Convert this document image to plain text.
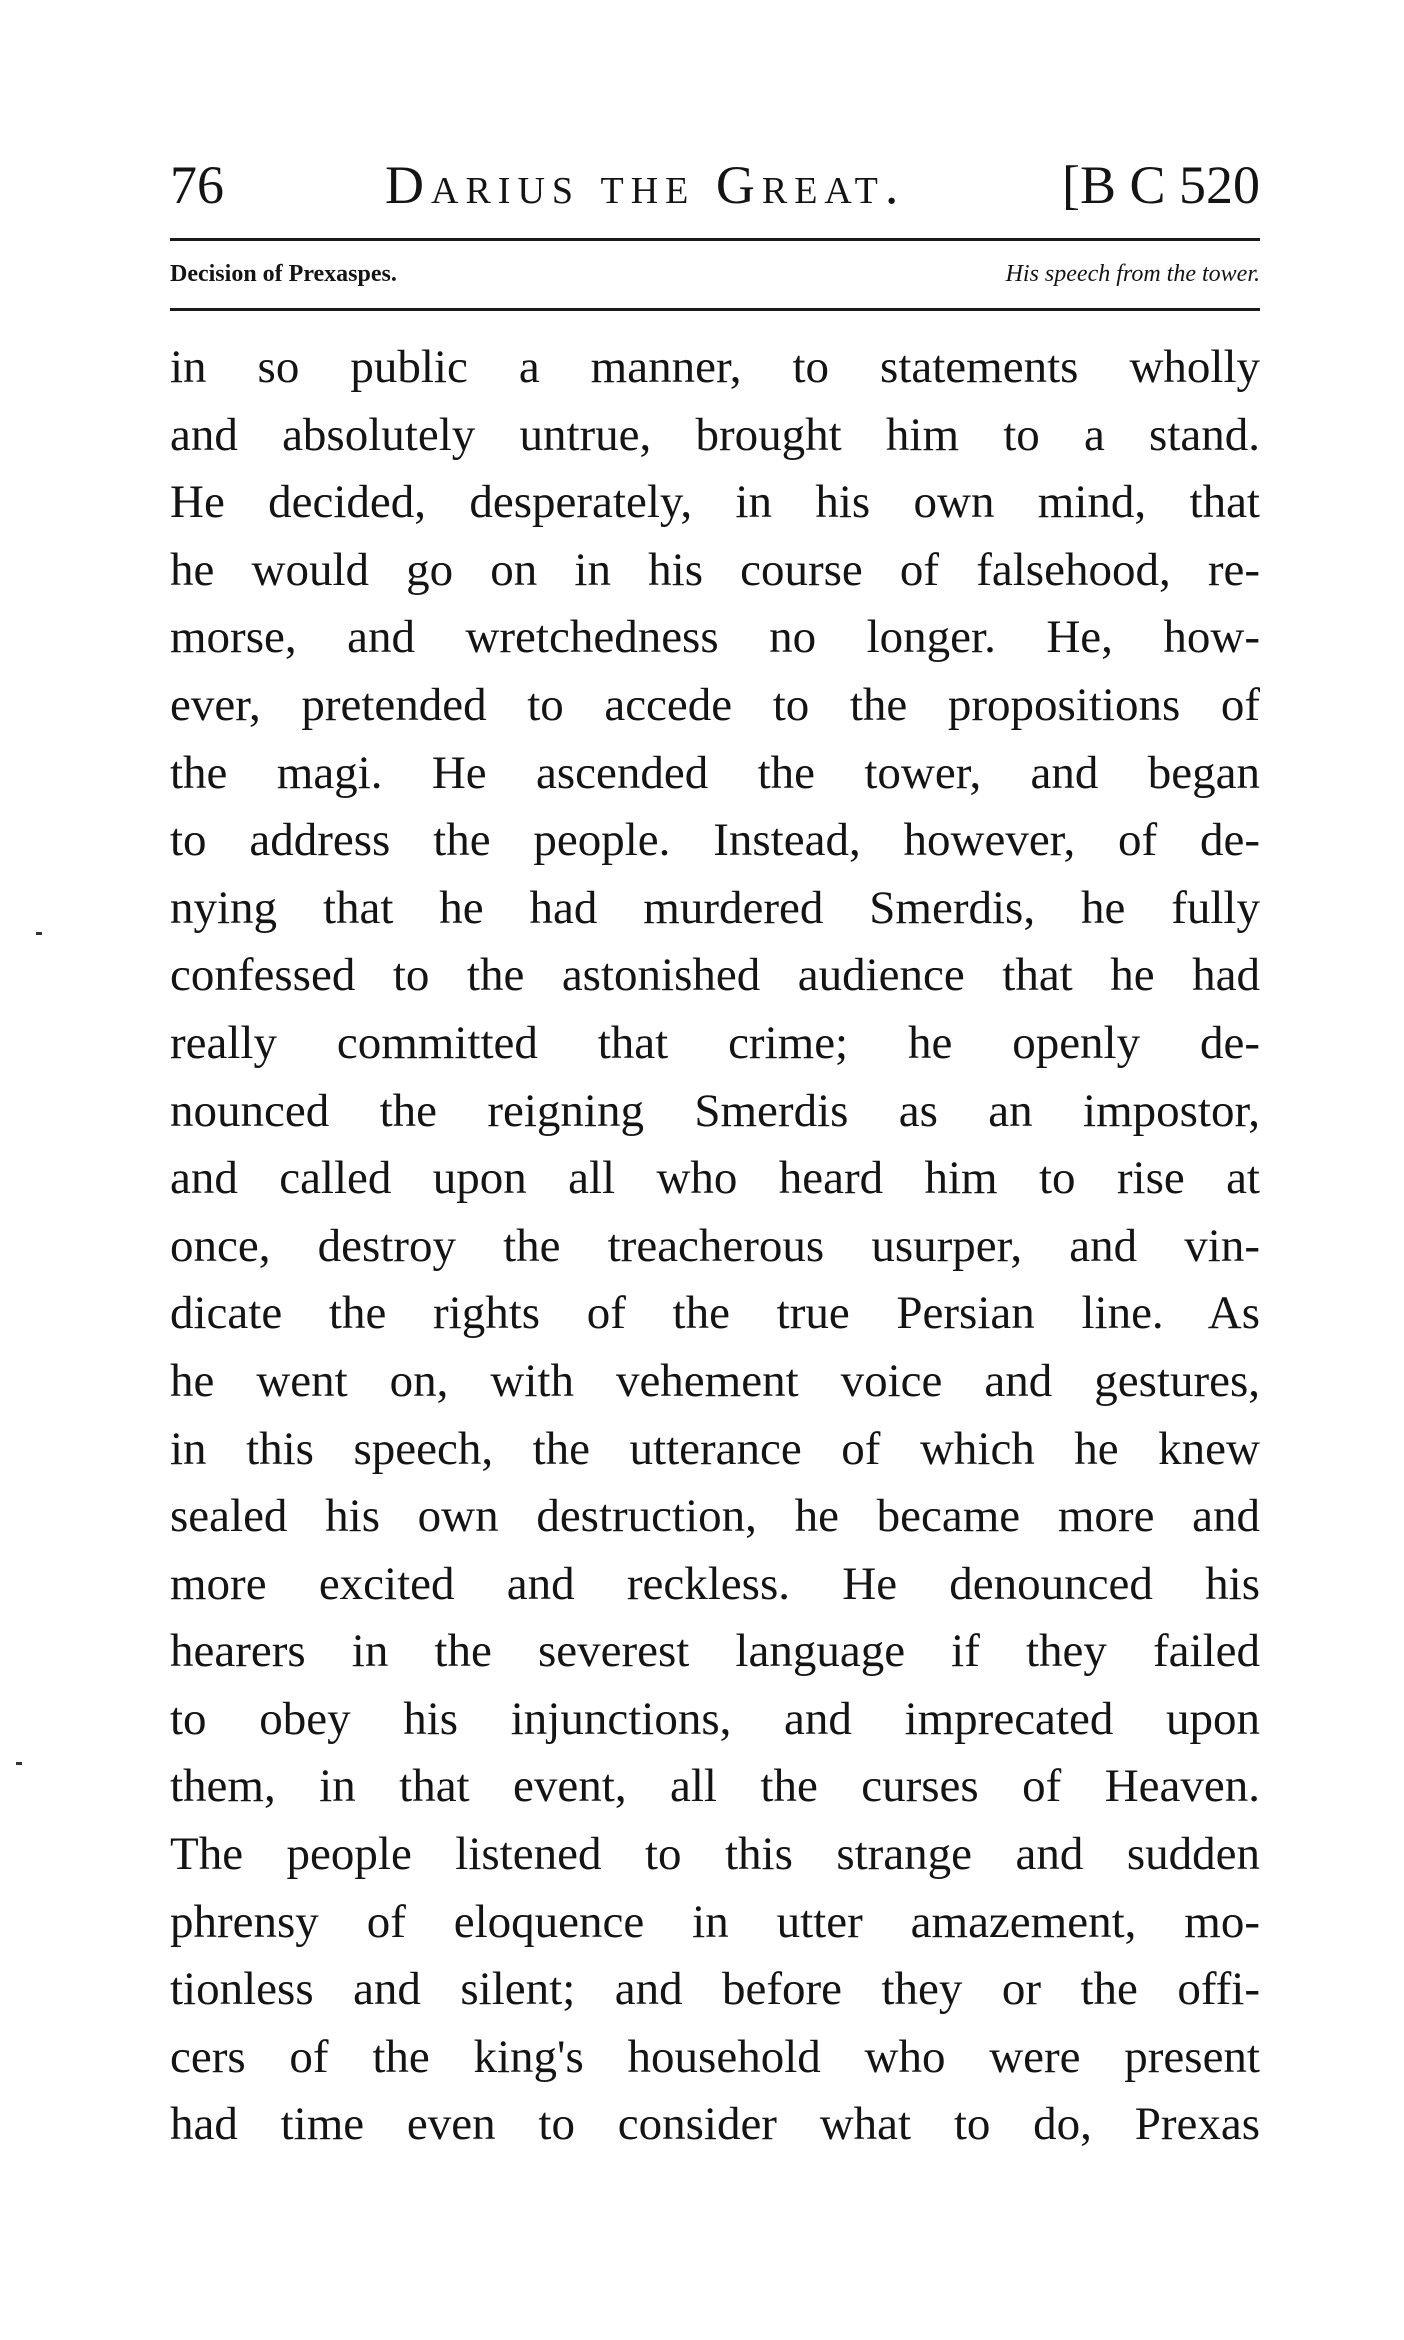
76	Darius the Great.	[B C 520
Decision of Prexaspes.	His speech from the tower.
in so public a manner, to statements wholly
and absolutely untrue, brought him to a stand.
He decided, desperately, in his own mind, that
he would go on in his course of falsehood, re-
morse, and wretchedness no longer. He, how-
ever, pretended to accede to the propositions of
the magi. He ascended the tower, and began
to address the people. Instead, however, of de-
nying that he had murdered Smerdis, he fully
confessed to the astonished audience that he had
really committed that crime; he openly de-
nounced the reigning Smerdis as an impostor,
and called upon all who heard him to rise at
once, destroy the treacherous usurper, and vin-
dicate the rights of the true Persian line. As
he went on, with vehement voice and gestures,
in this speech, the utterance of which he knew
sealed his own destruction, he became more and
more excited and reckless. He denounced his
hearers in the severest language if they failed
to obey his injunctions, and imprecated upon
them, in that event, all the curses of Heaven.
The people listened to this strange and sudden
phrensy of eloquence in utter amazement, mo-
tionless and silent; and before they or the offi-
cers of the king's household who were present
had time even to consider what to do, Prexas
